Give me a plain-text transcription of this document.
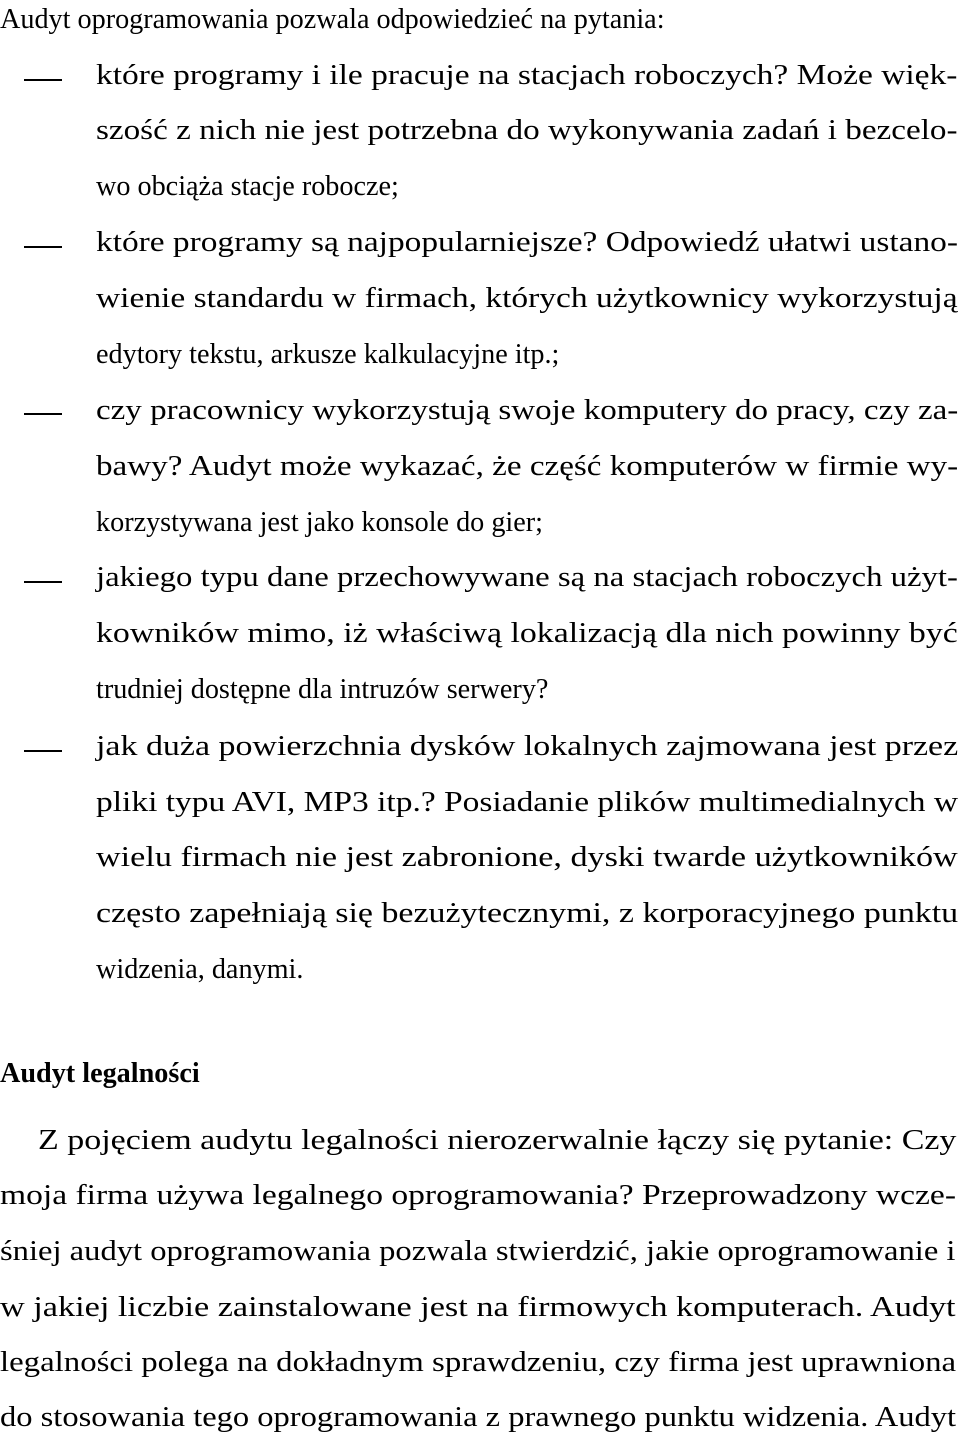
Audyt oprogramowania pozwala odpowiedzieć na pytania:
które programy i ile pracuje na stacjach roboczych? Może więk-
szość z nich nie jest potrzebna do wykonywania zadań i bezcelo-
wo obciąża stacje robocze;
które programy są najpopularniejsze? Odpowiedź ułatwi ustano-
wienie standardu w firmach, których użytkownicy wykorzystują
edytory tekstu, arkusze kalkulacyjne itp.;
czy pracownicy wykorzystują swoje komputery do pracy, czy za-
bawy? Audyt może wykazać, że część komputerów w firmie wy-
korzystywana jest jako konsole do gier;
jakiego typu dane przechowywane są na stacjach roboczych użyt-
kowników mimo, iż właściwą lokalizacją dla nich powinny być
trudniej dostępne dla intruzów serwery?
jak duża powierzchnia dysków lokalnych zajmowana jest przez
pliki typu AVI, MP3 itp.? Posiadanie plików multimedialnych w
wielu firmach nie jest zabronione, dyski twarde użytkowników
często zapełniają się bezużytecznymi, z korporacyjnego punktu
widzenia, danymi.
Audyt legalności
Z pojęciem audytu legalności nierozerwalnie łączy się pytanie: Czy
moja firma używa legalnego oprogramowania? Przeprowadzony wcze-
śniej audyt oprogramowania pozwala stwierdzić, jakie oprogramowanie i
w jakiej liczbie zainstalowane jest na firmowych komputerach. Audyt
legalności polega na dokładnym sprawdzeniu, czy firma jest uprawniona
do stosowania tego oprogramowania z prawnego punktu widzenia. Audyt
